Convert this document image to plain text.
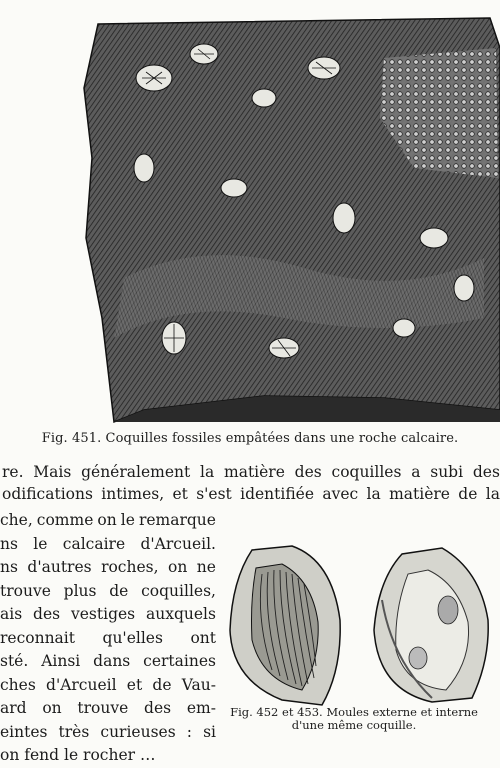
Fig. 451. Coquilles fossiles empâtées dans une roche calcaire.
re. Mais généralement la matière des coquilles a subi des
odifications intimes, et s'est identifiée avec la matière de la
che, comme on le remarque
ns le calcaire d'Arcueil.
ns d'autres roches, on ne
trouve plus de coquilles,
ais des vestiges auxquels
reconnait qu'elles ont
sté. Ainsi dans certaines
ches d'Arcueil et de Vau-
ard on trouve des em-
eintes très curieuses : si
on fend le rocher …
Fig. 452 et 453. Moules externe et interne
d'une même coquille.
